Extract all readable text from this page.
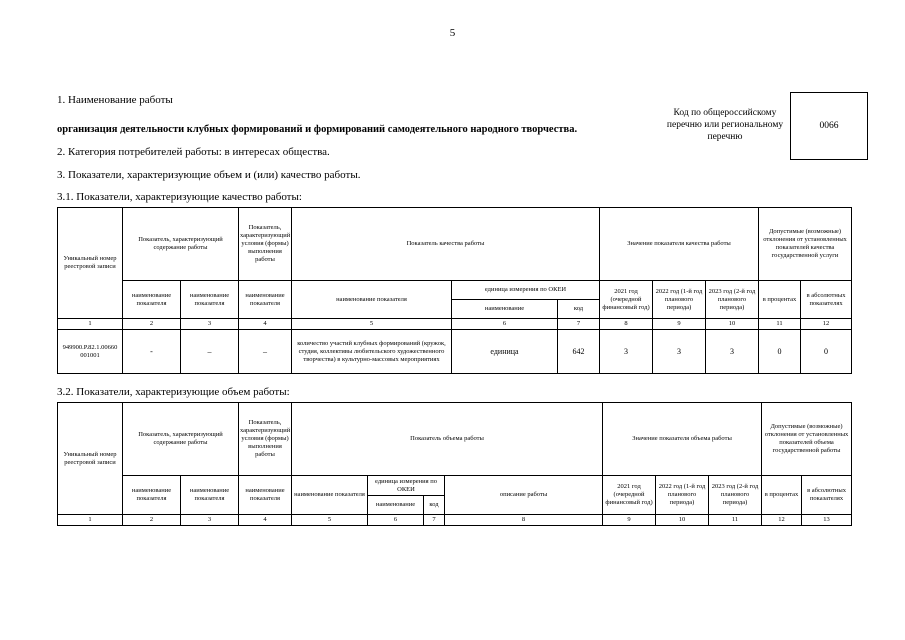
5
1. Наименование работы
организация деятельности клубных формирований и формирований самодеятельного народного творчества.
Код по общероссийскому
перечню или региональному
перечню
0066
2. Категория потребителей работы: в интересах общества.
3. Показатели, характеризующие объем и (или) качество работы.
3.1. Показатели, характеризующие качество работы:
Уникальный номер реестровой записи	Показатель, характеризующий содержание работы		Показатель, характеризующий условия (формы) выполнения работы	Показатель качества работы			Значение показателя качества работы			Допустимые (возможные) отклонения от установленных показателей качества государственной услуги	
	наименование показателя	наименование показателя	наименование показателя	наименование показателя	единица измерения по ОКЕИ		2021 год (очередной финансовый год)	2022 год (1-й год планового периода)	2023 год (2-й год планового периода)	в процентах	в абсолютных показателях
					наименование	код					
1	2	3	4	5	6	7	8	9	10	11	12
949900.Р.82.1.00660 001001	-	–	–	количество участий клубных формирований (кружок, студия, коллективы любительского художественного творчества) в культурно-массовых мероприятиях	единица	642	3	3	3	0	0
3.2. Показатели, характеризующие объем работы:
Уникальный номер реестровой записи	Показатель, характеризующий содержание работы		Показатель, характеризующий условия (формы) выполнения работы	Показатель объема работы				Значение показателя объема работы			Допустимые (возможные) отклонения от установленных показателей объема государственной работы	
	наименование показателя	наименование показателя	наименование показателя	наименование показателя	единица измерения по ОКЕИ		описание работы	2021 год (очередной финансовый год)	2022 год (1-й год планового периода)	2023 год (2-й год планового периода)	в процентах	в абсолютных показателях
					наименование	код						
1	2	3	4	5	6	7	8	9	10	11	12	13
